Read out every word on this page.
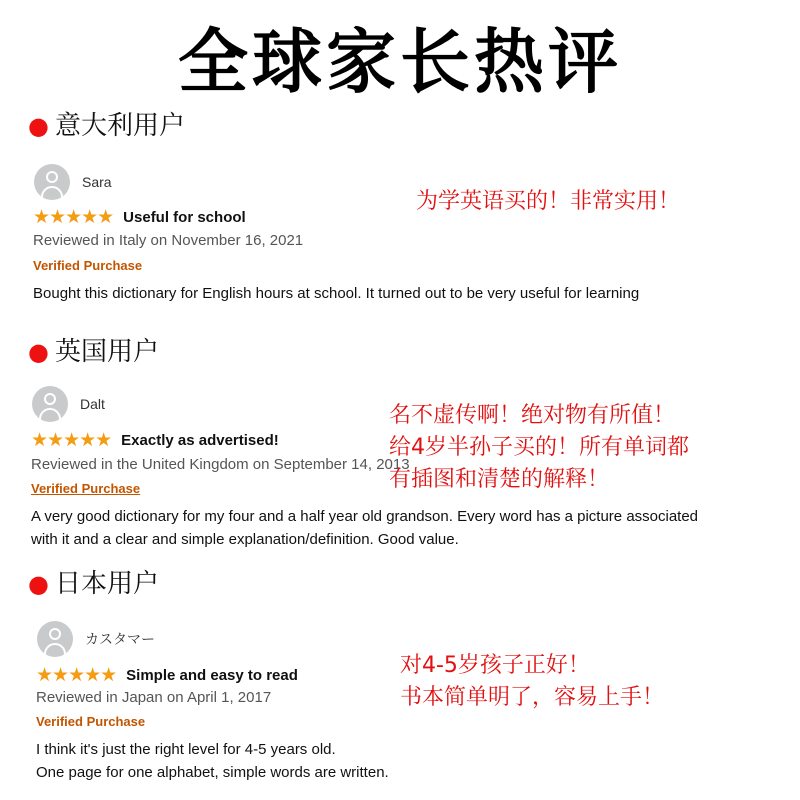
全球家长热评
● 意大利用户
Sara
★★★★★ Useful for school
Reviewed in Italy on November 16, 2021
Verified Purchase
Bought this dictionary for English hours at school. It turned out to be very useful for learning
为学英语买的！非常实用！
● 英国用户
Dalt
★★★★★ Exactly as advertised!
Reviewed in the United Kingdom on September 14, 2013
Verified Purchase
A very good dictionary for my four and a half year old grandson. Every word has a picture associated
with it and a clear and simple explanation/definition. Good value.
名不虚传啊！绝对物有所值！
给4岁半孙子买的！所有单词都
有插图和清楚的解释！
● 日本用户
カスタマー
★★★★★ Simple and easy to read
Reviewed in Japan on April 1, 2017
Verified Purchase
I think it's just the right level for 4-5 years old.
One page for one alphabet, simple words are written.
对4-5岁孩子正好！
书本简单明了，容易上手！
